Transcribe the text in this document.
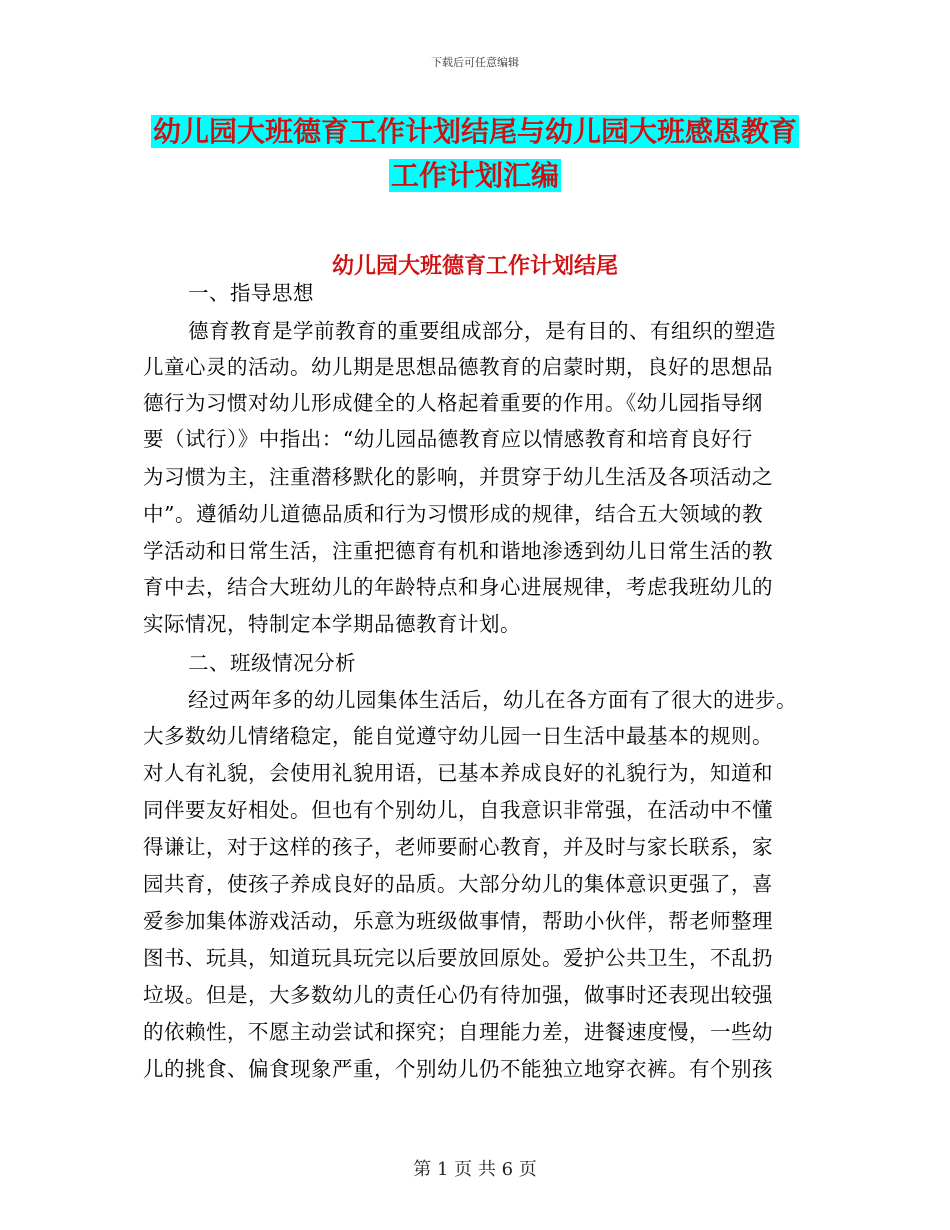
下载后可任意编辑
幼儿园大班德育工作计划结尾与幼儿园大班感恩教育
工作计划汇编
幼儿园大班德育工作计划结尾
一、指导思想
德育教育是学前教育的重要组成部分，是有目的、有组织的塑造
儿童心灵的活动。幼儿期是思想品德教育的启蒙时期，良好的思想品
德行为习惯对幼儿形成健全的人格起着重要的作用。《幼儿园指导纲
要（试行）》中指出：“幼儿园品德教育应以情感教育和培育良好行
为习惯为主，注重潜移默化的影响，并贯穿于幼儿生活及各项活动之
中”。遵循幼儿道德品质和行为习惯形成的规律，结合五大领域的教
学活动和日常生活，注重把德育有机和谐地渗透到幼儿日常生活的教
育中去，结合大班幼儿的年龄特点和身心进展规律，考虑我班幼儿的
实际情况，特制定本学期品德教育计划。
二、班级情况分析
经过两年多的幼儿园集体生活后，幼儿在各方面有了很大的进步。
大多数幼儿情绪稳定，能自觉遵守幼儿园一日生活中最基本的规则。
对人有礼貌，会使用礼貌用语，已基本养成良好的礼貌行为，知道和
同伴要友好相处。但也有个别幼儿，自我意识非常强，在活动中不懂
得谦让，对于这样的孩子，老师要耐心教育，并及时与家长联系，家
园共育，使孩子养成良好的品质。大部分幼儿的集体意识更强了，喜
爱参加集体游戏活动，乐意为班级做事情，帮助小伙伴，帮老师整理
图书、玩具，知道玩具玩完以后要放回原处。爱护公共卫生，不乱扔
垃圾。但是，大多数幼儿的责任心仍有待加强，做事时还表现出较强
的依赖性，不愿主动尝试和探究；自理能力差，进餐速度慢，一些幼
儿的挑食、偏食现象严重，个别幼儿仍不能独立地穿衣裤。有个别孩
第 1 页 共 6 页
